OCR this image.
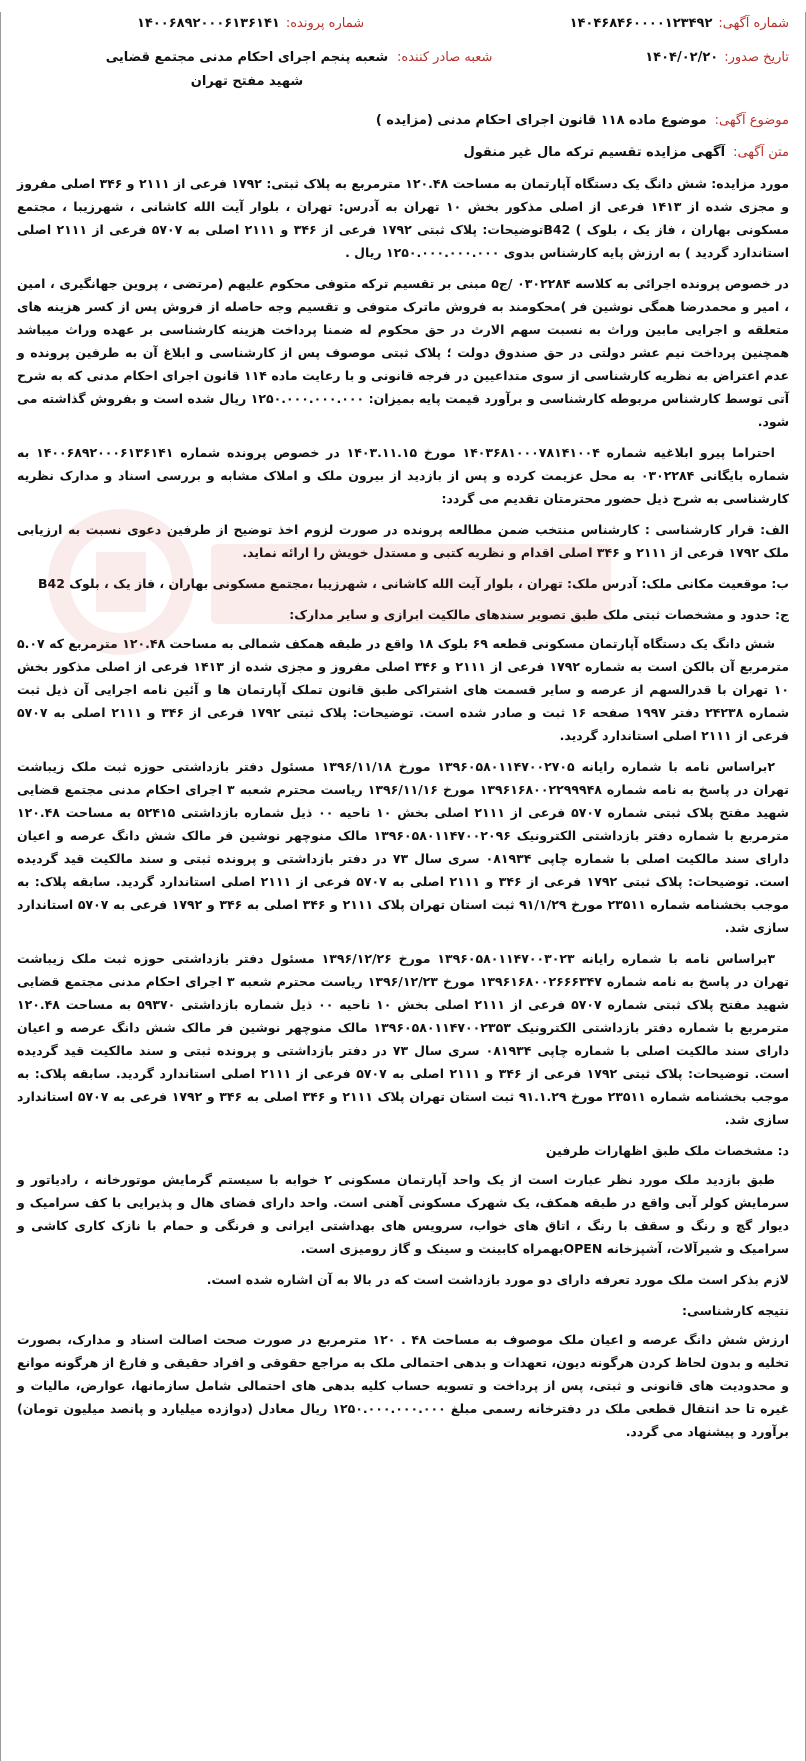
شماره آگهی:۱۴۰۴۶۸۴۶۰۰۰۰۱۲۳۴۹۲
شماره پرونده:۱۴۰۰۶۸۹۲۰۰۰۶۱۳۶۱۴۱
تاریخ صدور:۱۴۰۴/۰۲/۲۰
شعبه صادر کننده:
شعبه پنجم اجرای احکام مدنی مجتمع قضایی شهید مفتح تهران
موضوع آگهی:موضوع ماده ۱۱۸ قانون اجرای احکام مدنی (مزایده )
متن آگهی:آگهی مزایده تقسیم ترکه مال غیر منقول

مورد مزایده: شش دانگ یک دستگاه آپارتمان به مساحت ۱۲۰.۴۸ مترمربع به پلاک ثبتی: ۱۷۹۲ فرعی از ۲۱۱۱ و ۳۴۶ اصلی مفروز و مجزی شده از ۱۴۱۳ فرعی از اصلی مذکور بخش ۱۰ تهران به آدرس: تهران ، بلوار آیت الله کاشانی ، شهرزیبا ، مجتمع مسکونی بهاران ، فاز یک ، بلوک ) B42توضیحات: پلاک ثبتی ۱۷۹۲ فرعی از ۳۴۶ و ۲۱۱۱ اصلی به ۵۷۰۷ فرعی از ۲۱۱۱ اصلی استاندارد گردید ) به ارزش پایه کارشناس بدوی ۱۲۵۰.۰۰۰.۰۰۰.۰۰۰ ریال .

در خصوص پرونده اجرائی به کلاسه ۰۳۰۲۲۸۴ /ج۵ مبنی بر تقسیم ترکه متوفی محکوم علیهم (مرتضی ، پروین جهانگیری ، امین ، امیر و محمدرضا همگی نوشین فر )محکومند به فروش ماترک متوفی و تقسیم وجه حاصله از فروش پس از کسر هزینه های متعلقه و اجرایی مابین وراث به نسبت سهم الارث در حق محکوم له ضمنا پرداخت هزینه کارشناسی بر عهده وراث میباشد همچنین پرداخت نیم عشر دولتی در حق صندوق دولت ؛ پلاک ثبتی موصوف پس از کارشناسی و ابلاغ آن به طرفین پرونده و عدم اعتراض به نظریه کارشناسی از سوی متداعیین در فرجه قانونی و با رعایت ماده ۱۱۴ قانون اجرای احکام مدنی که به شرح آتی توسط کارشناس مربوطه کارشناسی و برآورد قیمت پایه بمیزان: ۱۲۵۰.۰۰۰.۰۰۰.۰۰۰ ریال شده است و بفروش گذاشته می شود.

احتراما پیرو ابلاغیه شماره ۱۴۰۳۶۸۱۰۰۰۷۸۱۴۱۰۰۴ مورخ ۱۴۰۳.۱۱.۱۵ در خصوص پرونده شماره ۱۴۰۰۶۸۹۲۰۰۰۶۱۳۶۱۴۱ به شماره بایگانی ۰۳۰۲۲۸۴ به محل عزیمت کرده و پس از بازدید از بیرون ملک و املاک مشابه و بررسی اسناد و مدارک نظریه کارشناسی به شرح ذیل حضور محترمتان تقدیم می گردد:

الف: قرار کارشناسی : کارشناس منتخب ضمن مطالعه پرونده در صورت لزوم اخذ توضیح از طرفین دعوی نسبت به ارزیابی ملک ۱۷۹۲ فرعی از ۲۱۱۱ و ۳۴۶ اصلی اقدام و نظریه کتبی و مستدل خویش را ارائه نماید.

ب: موقعیت مکانی ملک: آدرس ملک: تهران ، بلوار آیت الله کاشانی ، شهرزیبا ،مجتمع مسکونی بهاران ، فاز یک ، بلوک B42

ج: حدود و مشخصات ثبتی ملک طبق تصویر سندهای مالکیت ابرازی و سایر مدارک:

شش دانگ یک دستگاه آپارتمان مسکونی قطعه ۶۹ بلوک ۱۸ واقع در طبقه همکف شمالی به مساحت ۱۲۰.۴۸ مترمربع که ۵.۰۷ مترمربع آن بالکن است به شماره ۱۷۹۲ فرعی از ۲۱۱۱ و ۳۴۶ اصلی مفروز و مجزی شده از ۱۴۱۳ فرعی از اصلی مذکور بخش ۱۰ تهران با قدرالسهم از عرصه و سایر قسمت های اشتراکی طبق قانون تملک آپارتمان ها و آئین نامه اجرایی آن ذیل ثبت شماره ۲۴۲۳۸ دفتر ۱۹۹۷ صفحه ۱۶ ثبت و صادر شده است. توضیحات: پلاک ثبتی ۱۷۹۲ فرعی از ۳۴۶ و ۲۱۱۱ اصلی به ۵۷۰۷ فرعی از ۲۱۱۱ اصلی استاندارد گردید.

۲براساس نامه با شماره رایانه ۱۳۹۶۰۵۸۰۱۱۴۷۰۰۲۷۰۵ مورخ ۱۳۹۶/۱۱/۱۸ مسئول دفتر بازداشتی حوزه ثبت ملک زیباشت تهران در پاسخ به نامه شماره ۱۳۹۶۱۶۸۰۰۲۲۹۹۹۴۸ مورخ ۱۳۹۶/۱۱/۱۶ ریاست محترم شعبه ۳ اجرای احکام مدنی مجتمع قضایی شهید مفتح پلاک ثبتی شماره ۵۷۰۷ فرعی از ۲۱۱۱ اصلی بخش ۱۰ ناحیه ۰۰ ذیل شماره بازداشتی ۵۲۴۱۵ به مساحت ۱۲۰.۴۸ مترمربع با شماره دفتر بازداشتی الکترونیک ۱۳۹۶۰۵۸۰۱۱۴۷۰۰۲۰۹۶ مالک منوچهر نوشین فر مالک شش دانگ عرصه و اعیان دارای سند مالکیت اصلی با شماره چاپی ۰۸۱۹۳۴ سری سال ۷۳ در دفتر بازداشتی و پرونده ثبتی و سند مالکیت قید گردیده است. توضیحات: پلاک ثبتی ۱۷۹۲ فرعی از ۳۴۶ و ۲۱۱۱ اصلی به ۵۷۰۷ فرعی از ۲۱۱۱ اصلی استاندارد گردید. سابقه پلاک: به موجب بخشنامه شماره ۲۳۵۱۱ مورخ ۹۱/۱/۲۹ ثبت استان تهران پلاک ۲۱۱۱ و ۳۴۶ اصلی به ۳۴۶ و ۱۷۹۲ فرعی به ۵۷۰۷ استاندارد سازی شد.

۳براساس نامه با شماره رایانه ۱۳۹۶۰۵۸۰۱۱۴۷۰۰۳۰۲۳ مورخ ۱۳۹۶/۱۲/۲۶ مسئول دفتر بازداشتی حوزه ثبت ملک زیباشت تهران در پاسخ به نامه شماره ۱۳۹۶۱۶۸۰۰۲۶۶۶۳۴۷ مورخ ۱۳۹۶/۱۲/۲۳ ریاست محترم شعبه ۳ اجرای احکام مدنی مجتمع قضایی شهید مفتح پلاک ثبتی شماره ۵۷۰۷ فرعی از ۲۱۱۱ اصلی بخش ۱۰ ناحیه ۰۰ ذیل شماره بازداشتی ۵۹۳۷۰ به مساحت ۱۲۰.۴۸ مترمربع با شماره دفتر بازداشتی الکترونیک ۱۳۹۶۰۵۸۰۱۱۴۷۰۰۲۳۵۳ مالک منوچهر نوشین فر مالک شش دانگ عرصه و اعیان دارای سند مالکیت اصلی با شماره چاپی ۰۸۱۹۳۴ سری سال ۷۳ در دفتر بازداشتی و پرونده ثبتی و سند مالکیت قید گردیده است. توضیحات: پلاک ثبتی ۱۷۹۲ فرعی از ۳۴۶ و ۲۱۱۱ اصلی به ۵۷۰۷ فرعی از ۲۱۱۱ اصلی استاندارد گردید. سابقه پلاک: به موجب بخشنامه شماره ۲۳۵۱۱ مورخ ۹۱.۱.۲۹ ثبت استان تهران پلاک ۲۱۱۱ و ۳۴۶ اصلی به ۳۴۶ و ۱۷۹۲ فرعی به ۵۷۰۷ استاندارد سازی شد.

د: مشخصات ملک طبق اظهارات طرفین

طبق بازدید ملک مورد نظر عبارت است از یک واحد آپارتمان مسکونی ۲ خوابه با سیستم گرمایش موتورخانه ، رادیاتور و سرمایش کولر آبی واقع در طبقه همکف، یک شهرک مسکونی آهنی است. واحد دارای فضای هال و پذیرایی با کف سرامیک و دیوار گچ و رنگ و سقف با رنگ ، اتاق های خواب، سرویس های بهداشتی ایرانی و فرنگی و حمام با نازک کاری کاشی و سرامیک و شیرآلات، آشپزخانه OPENبهمراه کابینت و سینک و گاز رومیزی است.

لازم بذکر است ملک مورد تعرفه دارای دو مورد بازداشت است که در بالا به آن اشاره شده است.

نتیجه کارشناسی:

ارزش شش دانگ عرصه و اعیان ملک موصوف به مساحت ۴۸ . ۱۲۰ مترمربع در صورت صحت اصالت اسناد و مدارک، بصورت تخلیه و بدون لحاظ کردن هرگونه دیون، تعهدات و بدهی احتمالی ملک به مراجع حقوقی و افراد حقیقی و فارغ از هرگونه موانع و محدودیت های قانونی و ثبتی، پس از پرداخت و تسویه حساب کلیه بدهی های احتمالی شامل سازمانها، عوارض، مالیات و غیره تا حد انتقال قطعی ملک در دفترخانه رسمی مبلغ ۱۲۵۰.۰۰۰.۰۰۰.۰۰۰ ریال معادل (دوازده میلیارد و پانصد میلیون تومان) برآورد و پیشنهاد می گردد.
